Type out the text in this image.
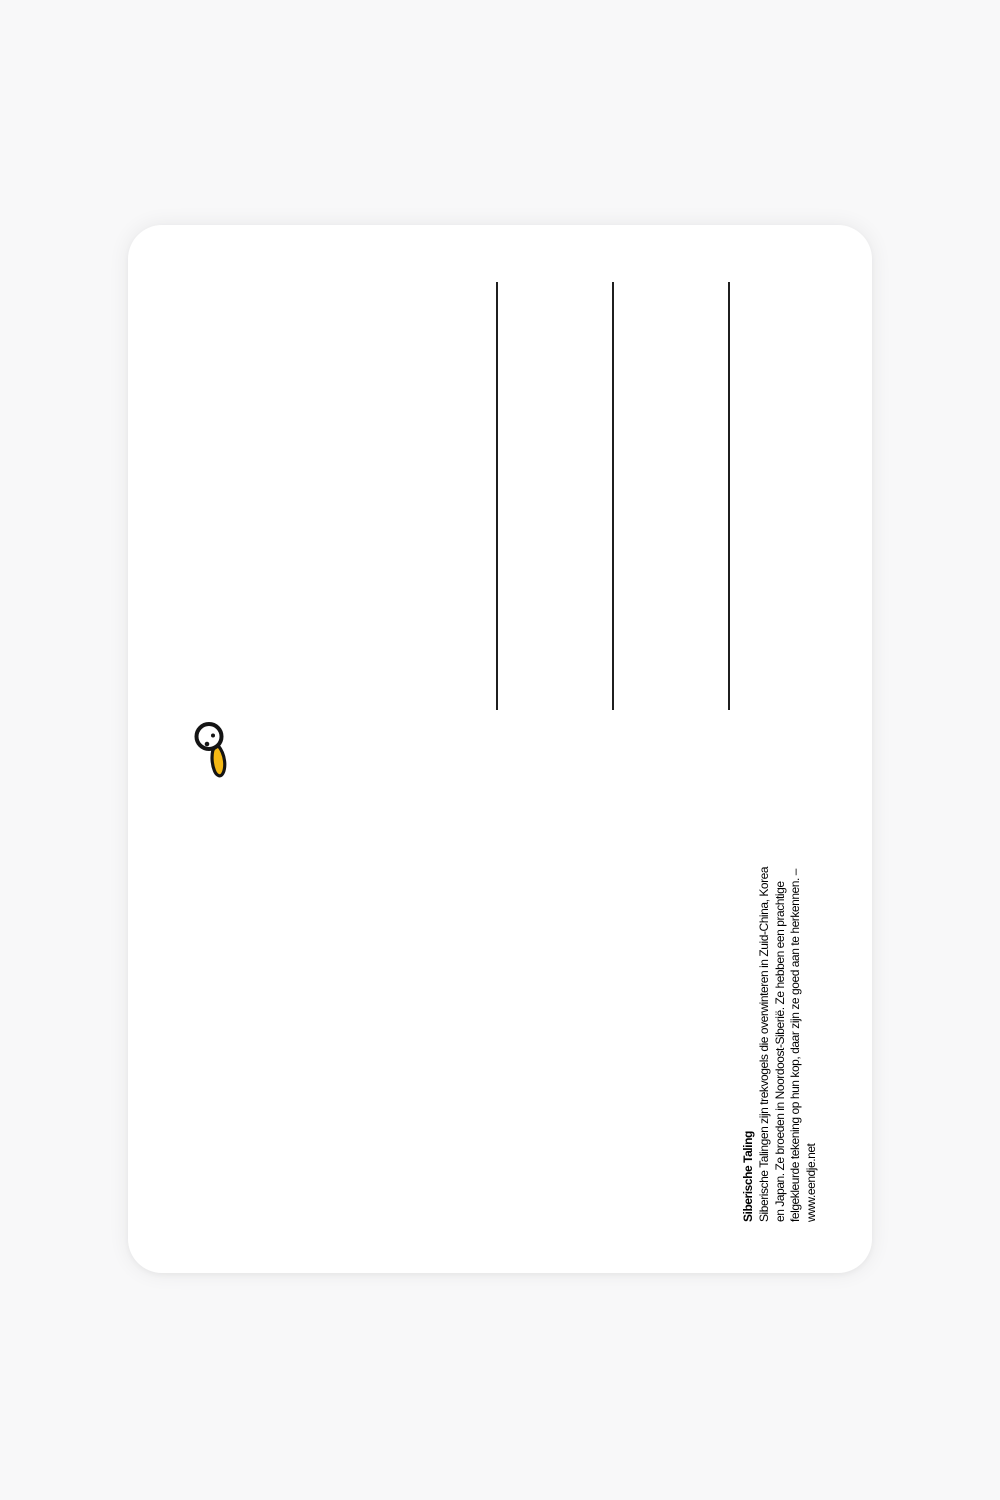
Siberische Taling Siberische Talingen zijn trekvogels die overwinteren in Zuid-China, Korea en Japan. Ze broeden in Noordoost-Siberië. Ze hebben een prachtige felgekleurde tekening op hun kop, daar zijn ze goed aan te herkennen. – www.eendje.net
